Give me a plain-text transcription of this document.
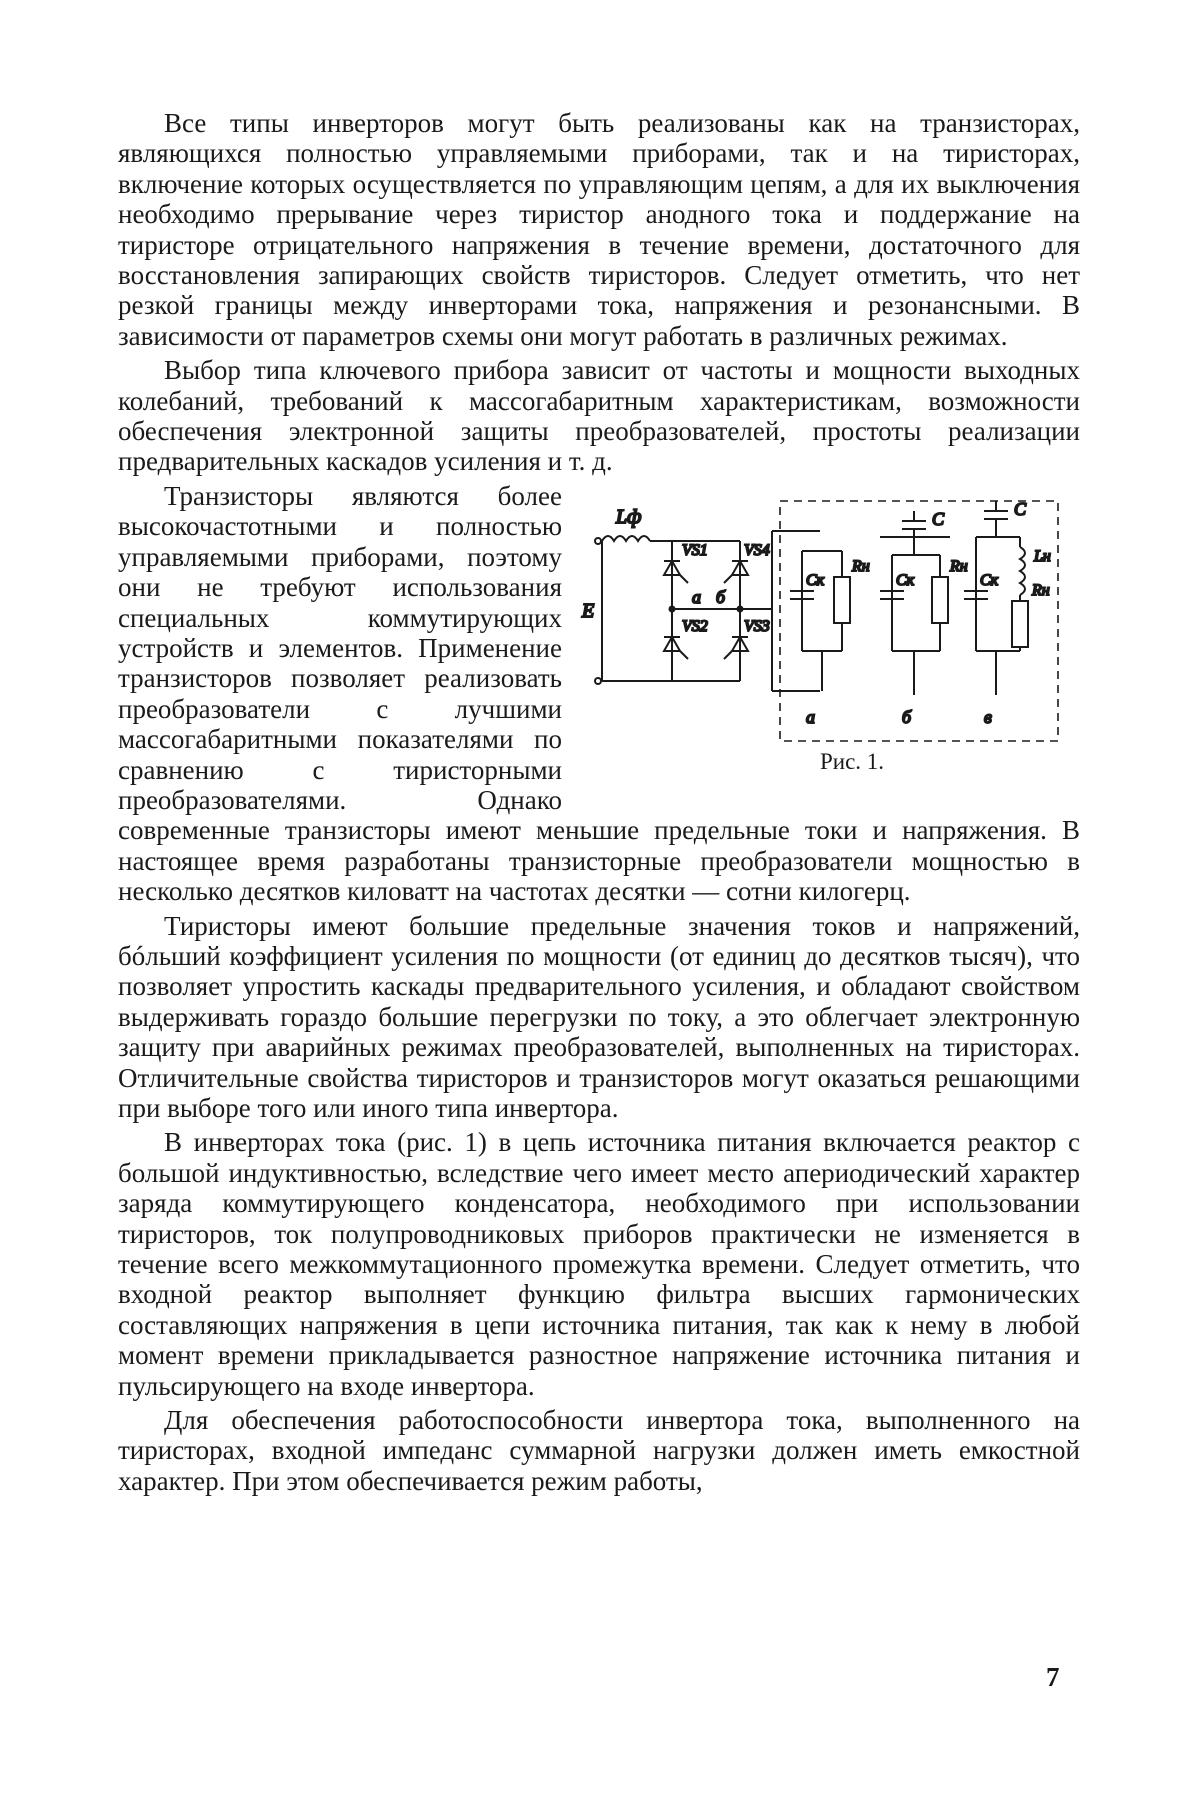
Все типы инверторов могут быть реализованы как на транзисторах, являющихся полностью управляемыми приборами, так и на тиристорах, включение которых осуществляется по управляющим цепям, а для их выключения необходимо прерывание через тиристор анодного тока и поддержание на тиристоре отрицательного напряжения в течение времени, достаточного для восстановления запирающих свойств тиристоров. Следует отметить, что нет резкой границы между инверторами тока, напряжения и резонансными. В зависимости от параметров схемы они могут работать в различных режимах.

Выбор типа ключевого прибора зависит от частоты и мощности выходных колебаний, требований к массогабаритным характеристикам, возможности обеспечения электронной защиты преобразователей, простоты реализации предварительных каскадов усиления и т. д.

Lф
E
VS1
VS2 VS3
VS4
а б
а	б	в
C	C
Cк	Cк	Cк
Rн	Rн
Rн
Lн
Рис. 1.

Транзисторы являются более высокочастотными и полностью управляемыми приборами, поэтому они не требуют использования специальных коммутирующих устройств и элементов. Применение транзисторов позволяет реализовать преобразователи с лучшими массогабаритными показателями по сравнению с тиристорными преобразователями. Однако современные транзисторы имеют меньшие предельные токи и напряжения. В настоящее время разработаны транзисторные преобразователи мощностью в несколько десятков киловатт на частотах десятки — сотни килогерц.

Тиристоры имеют большие предельные значения токов и напряжений, бóльший коэффициент усиления по мощности (от единиц до десятков тысяч), что позволяет упростить каскады предварительного усиления, и обладают свойством выдерживать гораздо большие перегрузки по току, а это облегчает электронную защиту при аварийных режимах преобразователей, выполненных на тиристорах. Отличительные свойства тиристоров и транзисторов могут оказаться решающими при выборе того или иного типа инвертора.

В инверторах тока (рис. 1) в цепь источника питания включается реактор с большой индуктивностью, вследствие чего имеет место апериодический характер заряда коммутирующего конденсатора, необходимого при использовании тиристоров, ток полупроводниковых приборов практически не изменяется в течение всего межкоммутационного промежутка времени. Следует отметить, что входной реактор выполняет функцию фильтра высших гармонических составляющих напряжения в цепи источника питания, так как к нему в любой момент времени прикладывается разностное напряжение источника питания и пульсирующего на входе инвертора.

Для обеспечения работоспособности инвертора тока, выполненного на тиристорах, входной импеданс суммарной нагрузки должен иметь емкостной характер. При этом обеспечивается режим работы,

7
